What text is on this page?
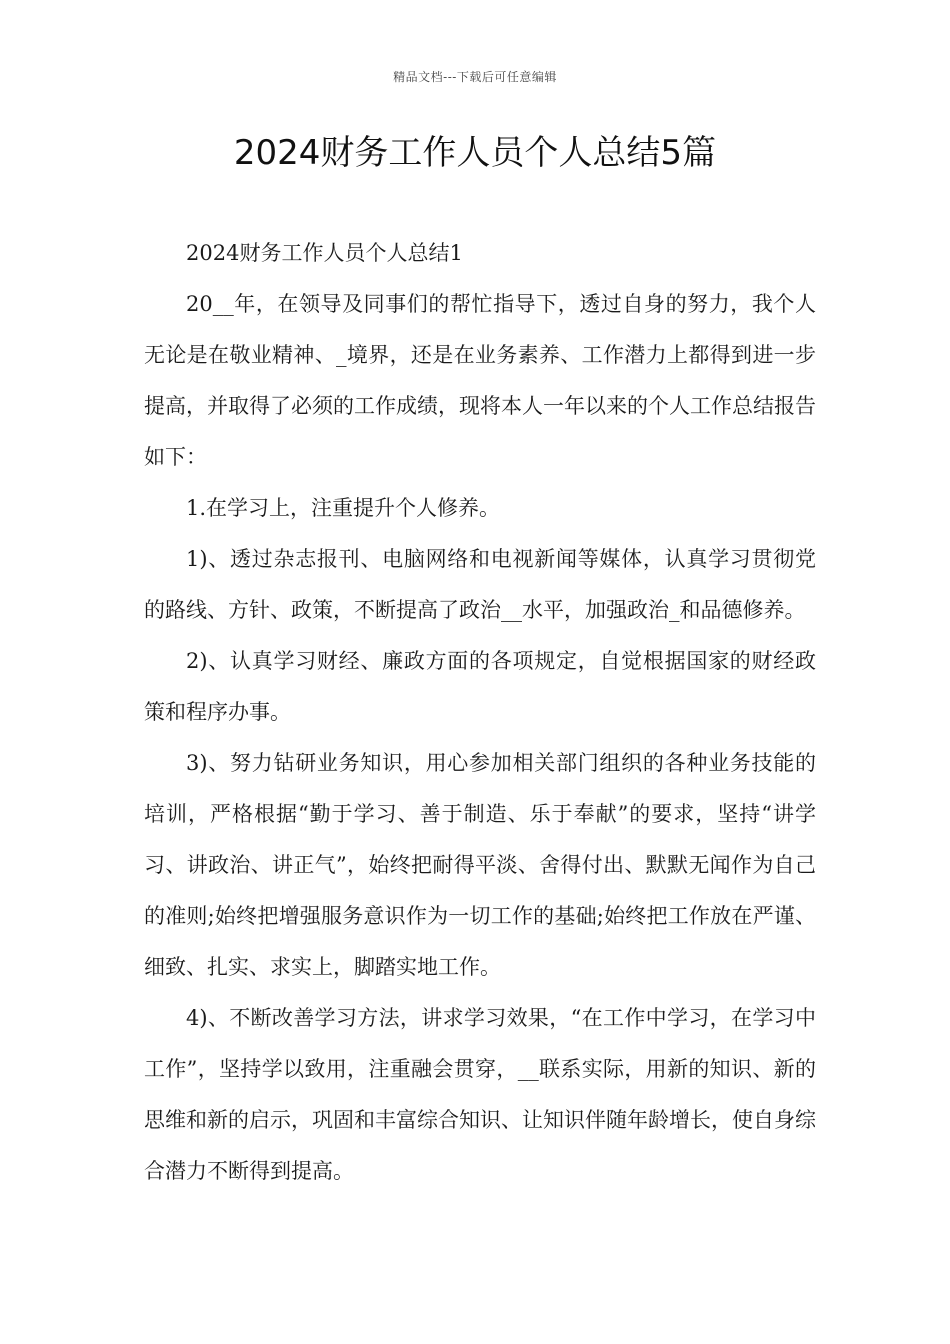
精品文档---下载后可任意编辑
2024财务工作人员个人总结5篇

2024财务工作人员个人总结1

20__年，在领导及同事们的帮忙指导下，透过自身的努力，我个人无论是在敬业精神、_境界，还是在业务素养、工作潜力上都得到进一步提高，并取得了必须的工作成绩，现将本人一年以来的个人工作总结报告如下：

1.在学习上，注重提升个人修养。

1)、透过杂志报刊、电脑网络和电视新闻等媒体，认真学习贯彻党的路线、方针、政策，不断提高了政治__水平，加强政治_和品德修养。

2)、认真学习财经、廉政方面的各项规定，自觉根据国家的财经政策和程序办事。

3)、努力钻研业务知识，用心参加相关部门组织的各种业务技能的培训，严格根据“勤于学习、善于制造、乐于奉献”的要求，坚持“讲学习、讲政治、讲正气”，始终把耐得平淡、舍得付出、默默无闻作为自己的准则;始终把增强服务意识作为一切工作的基础;始终把工作放在严谨、细致、扎实、求实上，脚踏实地工作。

4)、不断改善学习方法，讲求学习效果，“在工作中学习，在学习中工作”，坚持学以致用，注重融会贯穿，__联系实际，用新的知识、新的思维和新的启示，巩固和丰富综合知识、让知识伴随年龄增长，使自身综合潜力不断得到提高。
